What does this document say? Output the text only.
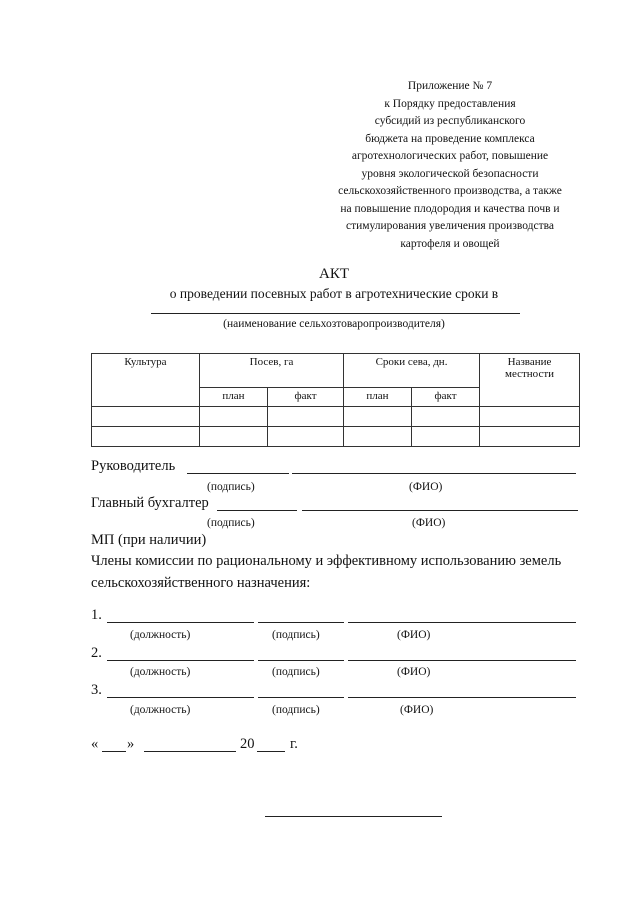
Приложение № 7
к Порядку предоставления
субсидий из республиканского
бюджета на проведение комплекса
агротехнологических работ, повышение
уровня экологической безопасности
сельскохозяйственного производства, а также
на повышение плодородия и качества почв и
стимулирования увеличения производства
картофеля и овощей
АКТ
о проведении посевных работ в агротехнические сроки в
(наименование сельхозтоваропроизводителя)
Культура	Посев, га		Сроки сева, дн.		Название местности
	план	факт	план	факт	

Руководитель
(подпись)	(ФИО)
Главный бухгалтер
(подпись)	(ФИО)
МП (при наличии)
Члены комиссии по рациональному и эффективному использованию земель
сельскохозяйственного назначения:
1.
(должность)	(подпись)	(ФИО)
2.
(должность)	(подпись)	(ФИО)
3.
(должность)	(подпись)	(ФИО)
« »	20 г.
